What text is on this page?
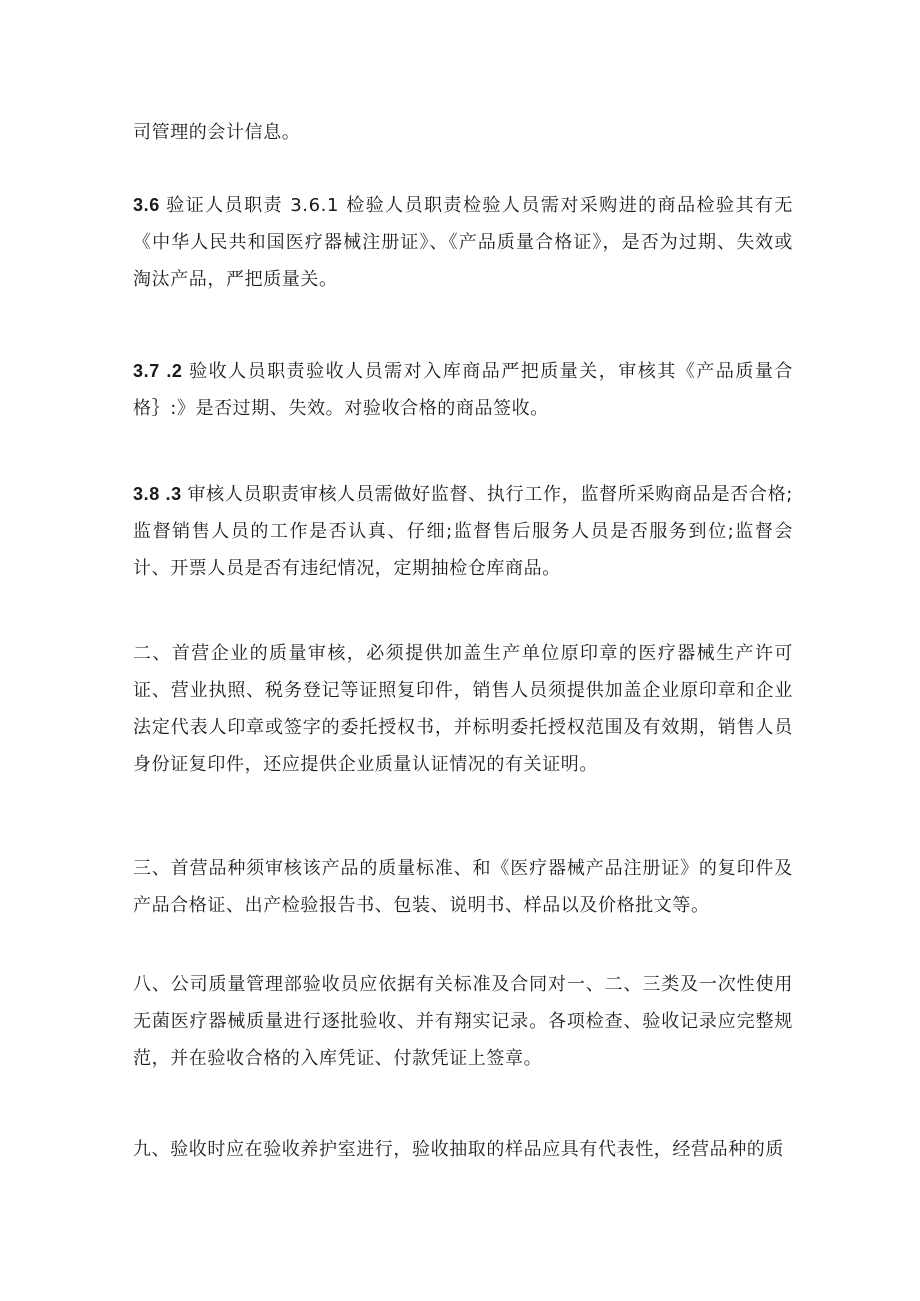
司管理的会计信息。

3.6 验证人员职责 3.6.1 检验人员职责检验人员需对采购进的商品检验其有无《中华人民共和国医疗器械注册证》、《产品质量合格证》，是否为过期、失效或淘汰产品，严把质量关。

3.7 .2 验收人员职责验收人员需对入库商品严把质量关，审核其《产品质量合格｝:》是否过期、失效。对验收合格的商品签收。

3.8 .3 审核人员职责审核人员需做好监督、执行工作，监督所采购商品是否合格;监督销售人员的工作是否认真、仔细;监督售后服务人员是否服务到位;监督会计、开票人员是否有违纪情况，定期抽检仓库商品。

二、首营企业的质量审核，必须提供加盖生产单位原印章的医疗器械生产许可证、营业执照、税务登记等证照复印件，销售人员须提供加盖企业原印章和企业法定代表人印章或签字的委托授权书，并标明委托授权范围及有效期，销售人员身份证复印件，还应提供企业质量认证情况的有关证明。

三、首营品种须审核该产品的质量标准、和《医疗器械产品注册证》的复印件及产品合格证、出产检验报告书、包装、说明书、样品以及价格批文等。

八、公司质量管理部验收员应依据有关标准及合同对一、二、三类及一次性使用无菌医疗器械质量进行逐批验收、并有翔实记录。各项检查、验收记录应完整规范，并在验收合格的入库凭证、付款凭证上签章。

九、验收时应在验收养护室进行，验收抽取的样品应具有代表性，经营品种的质
